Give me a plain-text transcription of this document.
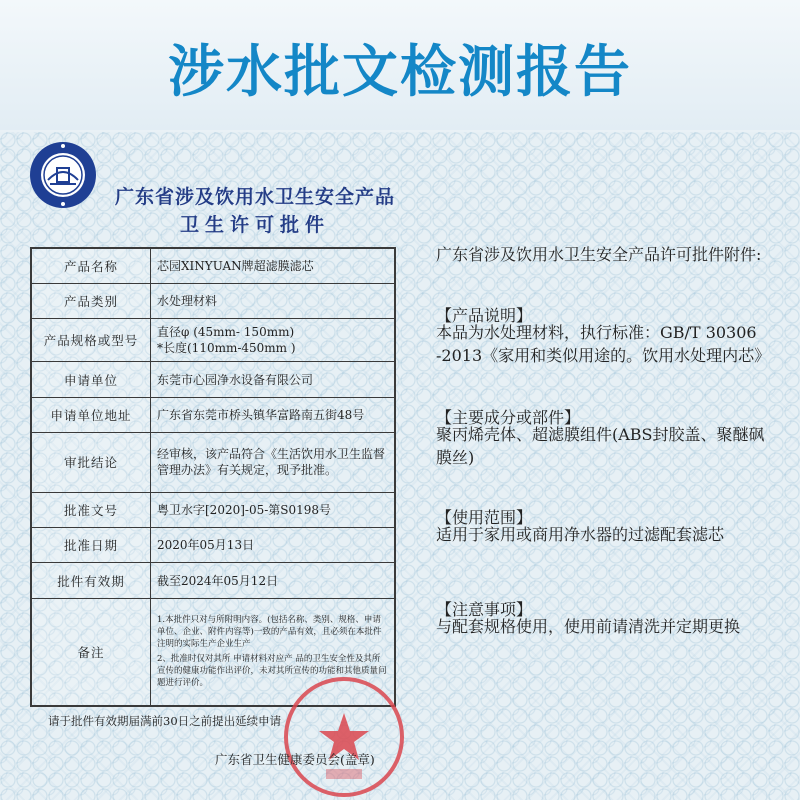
涉水批文检测报告
广东省涉及饮用水卫生安全产品
卫生许可批件
产品名称	芯园XINYUAN牌超滤膜滤芯
产品类别	水处理材料
产品规格或型号	直径φ (45mm- 150mm)
*长度(110mm-450mm )

申请单位	东莞市心园净水设备有限公司
申请单位地址	广东省东莞市桥头镇华富路南五街48号
审批结论	经审核，该产品符合《生活饮用水卫生监督管理办法》有关规定，现予批准。
批准文号	粤卫水字[2020]-05-第S0198号
批准日期	2020年05月13日
批件有效期	截至2024年05月12日
备注	1.本批件只对与所附明内容。(包括名称、类别、规格、申请单位、企业、附件内容等)一致的产品有效，且必须在本批件注明的实际生产企业生产
2、批准时仅对其所 申请材料对应产 品的卫生安全性及其所宣传的健康功能作出评价，未对其所宣传的功能和其他质量问题进行评价。
请于批件有效期届满前30日之前提出延续申请
广东省卫生健康委员会(盖章)
广东省涉及饮用水卫生安全产品许可批件附件:
【产品说明】
本品为水处理材料，执行标准：GB/T 30306 -2013《家用和类似用途的。饮用水处理内芯》
【主要成分或部件】
聚丙烯壳体、超滤膜组件(ABS封胶盖、聚醚砜膜丝)
【使用范围】
适用于家用或商用净水器的过滤配套滤芯
【注意事项】
与配套规格使用，使用前请清洗并定期更换
